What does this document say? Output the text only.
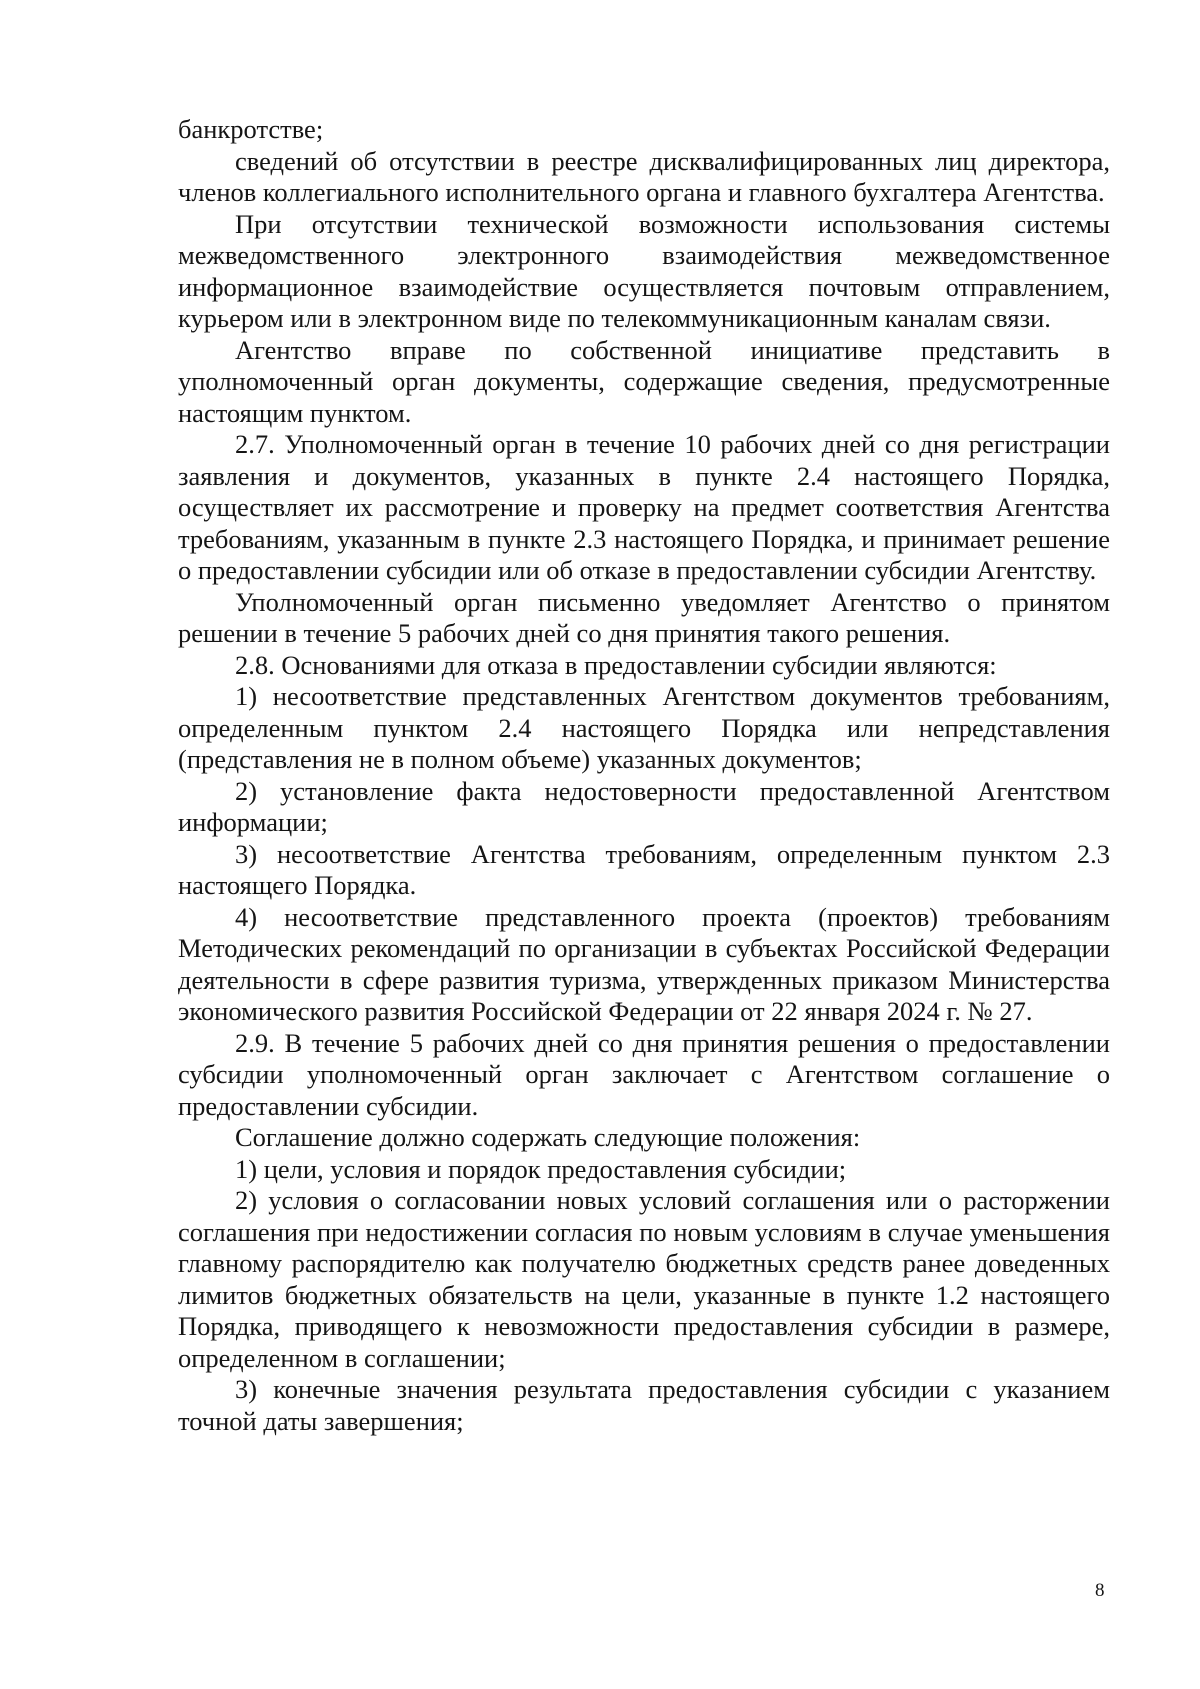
банкротстве;

сведений об отсутствии в реестре дисквалифицированных лиц директора, членов коллегиального исполнительного органа и главного бухгалтера Агентства.

При отсутствии технической возможности использования системы межведомственного электронного взаимодействия межведомственное информационное взаимодействие осуществляется почтовым отправлением, курьером или в электронном виде по телекоммуникационным каналам связи.

Агентство вправе по собственной инициативе представить в уполномоченный орган документы, содержащие сведения, предусмотренные настоящим пунктом.

2.7. Уполномоченный орган в течение 10 рабочих дней со дня регистрации заявления и документов, указанных в пункте 2.4 настоящего Порядка, осуществляет их рассмотрение и проверку на предмет соответствия Агентства требованиям, указанным в пункте 2.3 настоящего Порядка, и принимает решение о предоставлении субсидии или об отказе в предоставлении субсидии Агентству.

Уполномоченный орган письменно уведомляет Агентство о принятом решении в течение 5 рабочих дней со дня принятия такого решения.

2.8. Основаниями для отказа в предоставлении субсидии являются:

1) несоответствие представленных Агентством документов требованиям, определенным пунктом 2.4 настоящего Порядка или непредставления (представления не в полном объеме) указанных документов;

2) установление факта недостоверности предоставленной Агентством информации;

3) несоответствие Агентства требованиям, определенным пунктом 2.3 настоящего Порядка.

4) несоответствие представленного проекта (проектов) требованиям Методических рекомендаций по организации в субъектах Российской Федерации деятельности в сфере развития туризма, утвержденных приказом Министерства экономического развития Российской Федерации от 22 января 2024 г. № 27.

2.9. В течение 5 рабочих дней со дня принятия решения о предоставлении субсидии уполномоченный орган заключает с Агентством соглашение о предоставлении субсидии.

Соглашение должно содержать следующие положения:

1) цели, условия и порядок предоставления субсидии;

2) условия о согласовании новых условий соглашения или о расторжении соглашения при недостижении согласия по новым условиям в случае уменьшения главному распорядителю как получателю бюджетных средств ранее доведенных лимитов бюджетных обязательств на цели, указанные в пункте 1.2 настоящего Порядка, приводящего к невозможности предоставления субсидии в размере, определенном в соглашении;

3) конечные значения результата предоставления субсидии с указанием точной даты завершения;

8
